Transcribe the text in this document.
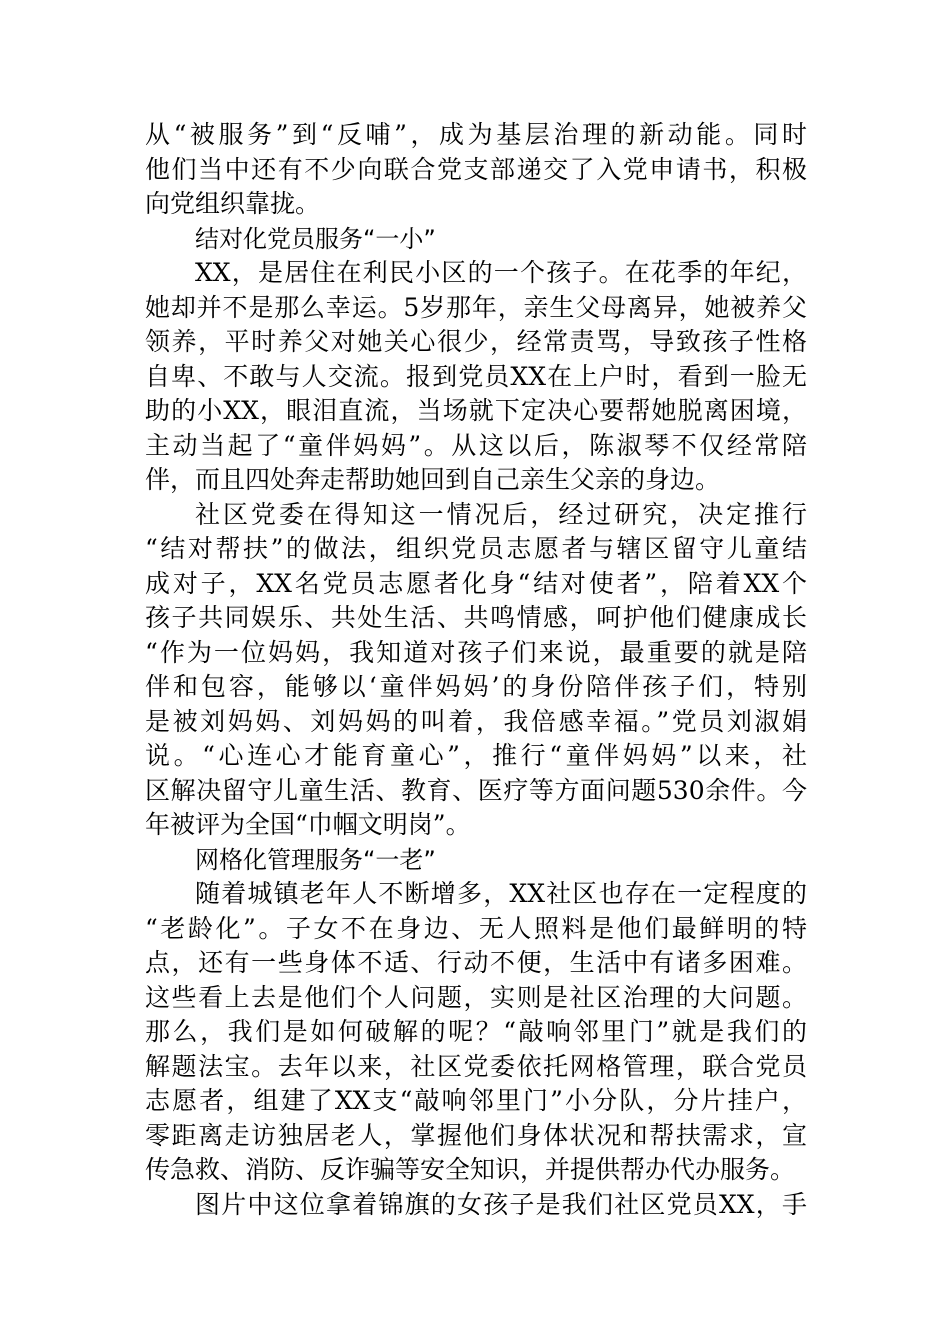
从“被服务”到“反哺”，成为基层治理的新动能。同时
他们当中还有不少向联合党支部递交了入党申请书，积极
向党组织靠拢。
结对化党员服务“一小”
XX，是居住在利民小区的一个孩子。在花季的年纪，
她却并不是那么幸运。5岁那年，亲生父母离异，她被养父
领养，平时养父对她关心很少，经常责骂，导致孩子性格
自卑、不敢与人交流。报到党员XX在上户时，看到一脸无
助的小XX，眼泪直流，当场就下定决心要帮她脱离困境，
主动当起了“童伴妈妈”。从这以后，陈淑琴不仅经常陪
伴，而且四处奔走帮助她回到自己亲生父亲的身边。
社区党委在得知这一情况后，经过研究，决定推行
“结对帮扶”的做法，组织党员志愿者与辖区留守儿童结
成对子，XX名党员志愿者化身“结对使者”，陪着XX个
孩子共同娱乐、共处生活、共鸣情感，呵护他们健康成长
“作为一位妈妈，我知道对孩子们来说，最重要的就是陪
伴和包容，能够以‘童伴妈妈’的身份陪伴孩子们，特别
是被刘妈妈、刘妈妈的叫着，我倍感幸福。”党员刘淑娟
说。“心连心才能育童心”，推行“童伴妈妈”以来，社
区解决留守儿童生活、教育、医疗等方面问题530余件。今
年被评为全国“巾帼文明岗”。
网格化管理服务“一老”
随着城镇老年人不断增多，XX社区也存在一定程度的
“老龄化”。子女不在身边、无人照料是他们最鲜明的特
点，还有一些身体不适、行动不便，生活中有诸多困难。
这些看上去是他们个人问题，实则是社区治理的大问题。
那么，我们是如何破解的呢？“敲响邻里门”就是我们的
解题法宝。去年以来，社区党委依托网格管理，联合党员
志愿者，组建了XX支“敲响邻里门”小分队，分片挂户，
零距离走访独居老人，掌握他们身体状况和帮扶需求，宣
传急救、消防、反诈骗等安全知识，并提供帮办代办服务。
图片中这位拿着锦旗的女孩子是我们社区党员XX，手
